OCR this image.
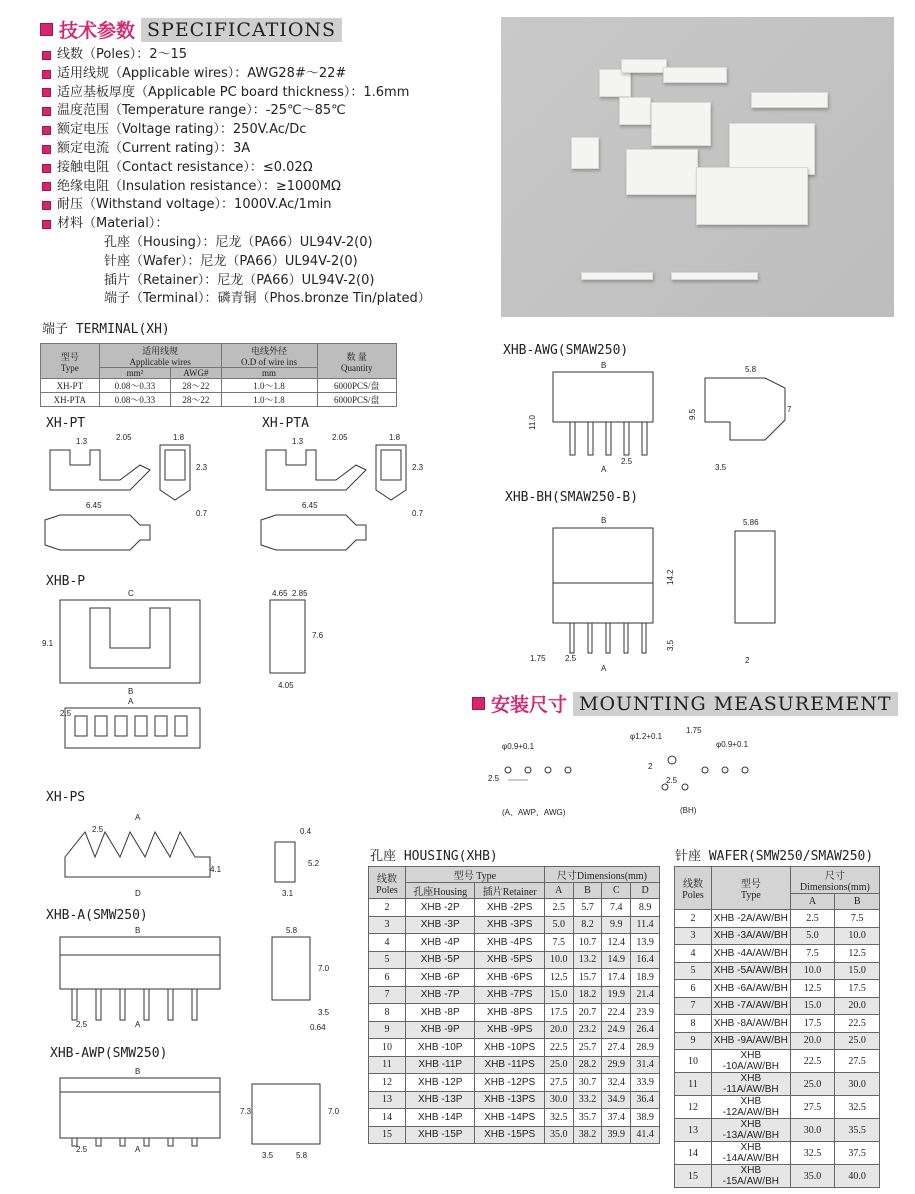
技术参数 SPECIFICATIONS
线数（Poles）：2～15
适用线规（Applicable wires）：AWG28#～22#
适应基板厚度（Applicable PC board thickness）：1.6mm
温度范围（Temperature range）：-25℃～85℃
额定电压（Voltage rating）：250V.Ac/Dc
额定电流（Current rating）：3A
接触电阻（Contact resistance）：≤0.02Ω
绝缘电阻（Insulation resistance）：≥1000MΩ
耐压（Withstand voltage）：1000V.Ac/1min
材料（Material）：
孔座（Housing）：尼龙（PA66）UL94V-2(0)
针座（Wafer）：尼龙（PA66）UL94V-2(0)
插片（Retainer）：尼龙（PA66）UL94V-2(0)
端子（Terminal）：磷青铜（Phos.bronze Tin/plated）
端子 TERMINAL(XH)
型号
Type	适用线规
Applicable wires		电线外径
O.D of wire ins	数 量
Quantity
	mm²	AWG#	mm	
XH-PT	0.08～0.33	28～22	1.0～1.8	6000PCS/盘
XH-PTA	0.08～0.33	28～22	1.0～1.8	6000PCS/盘
XH-PT
1.3	2.05	1.8
2.3
6.45
0.7
XH-PTA
1.3	2.05	1.8
2.3
6.45
0.7
XHB-P
C
9.1
B
4.65 2.85
7.6
4.05
2.5
A
XH-PS
A
2.5
4.1
D
0.4
5.2
3.1
XHB-A(SMW250)
B
2.5	A
5.8
7.0
3.5
0.64
XHB-AWP(SMW250)
B
2.5	A
7.3	7.0
3.5	5.8
XHB-AWG(SMAW250)
B
11.0
2.5
A
5.8
9.5	7
3.5
XHB-BH(SMAW250-B)
B
14.2
3.5
1.75 2.5
A
5.86
2
安装尺寸 MOUNTING MEASUREMENT
φ0.9+0.1
2.5
φ1.2+0.1
1.75
φ0.9+0.1
2
2.5
(A、AWP、AWG)	(BH)
孔座 HOUSING(XHB)
线数
Poles	型号 Type		尺寸Dimensions(mm)			
	孔座Housing	插片Retainer	A	B	C	D
2	XHB -2P	XHB -2PS	2.5	5.7	7.4	8.9
3	XHB -3P	XHB -3PS	5.0	8.2	9.9	11.4
4	XHB -4P	XHB -4PS	7.5	10.7	12.4	13.9
5	XHB -5P	XHB -5PS	10.0	13.2	14.9	16.4
6	XHB -6P	XHB -6PS	12.5	15.7	17.4	18.9
7	XHB -7P	XHB -7PS	15.0	18.2	19.9	21.4
8	XHB -8P	XHB -8PS	17.5	20.7	22.4	23.9
9	XHB -9P	XHB -9PS	20.0	23.2	24.9	26.4
10	XHB -10P	XHB -10PS	22.5	25.7	27.4	28.9
11	XHB -11P	XHB -11PS	25.0	28.2	29.9	31.4
12	XHB -12P	XHB -12PS	27.5	30.7	32.4	33.9
13	XHB -13P	XHB -13PS	30.0	33.2	34.9	36.4
14	XHB -14P	XHB -14PS	32.5	35.7	37.4	38.9
15	XHB -15P	XHB -15PS	35.0	38.2	39.9	41.4
针座 WAFER(SMW250/SMAW250)
线数
Poles	型号
Type	尺寸Dimensions(mm)	
		A	B
2	XHB -2A/AW/BH	2.5	7.5
3	XHB -3A/AW/BH	5.0	10.0
4	XHB -4A/AW/BH	7.5	12.5
5	XHB -5A/AW/BH	10.0	15.0
6	XHB -6A/AW/BH	12.5	17.5
7	XHB -7A/AW/BH	15.0	20.0
8	XHB -8A/AW/BH	17.5	22.5
9	XHB -9A/AW/BH	20.0	25.0
10	XHB -10A/AW/BH	22.5	27.5
11	XHB -11A/AW/BH	25.0	30.0
12	XHB -12A/AW/BH	27.5	32.5
13	XHB -13A/AW/BH	30.0	35.5
14	XHB -14A/AW/BH	32.5	37.5
15	XHB -15A/AW/BH	35.0	40.0
